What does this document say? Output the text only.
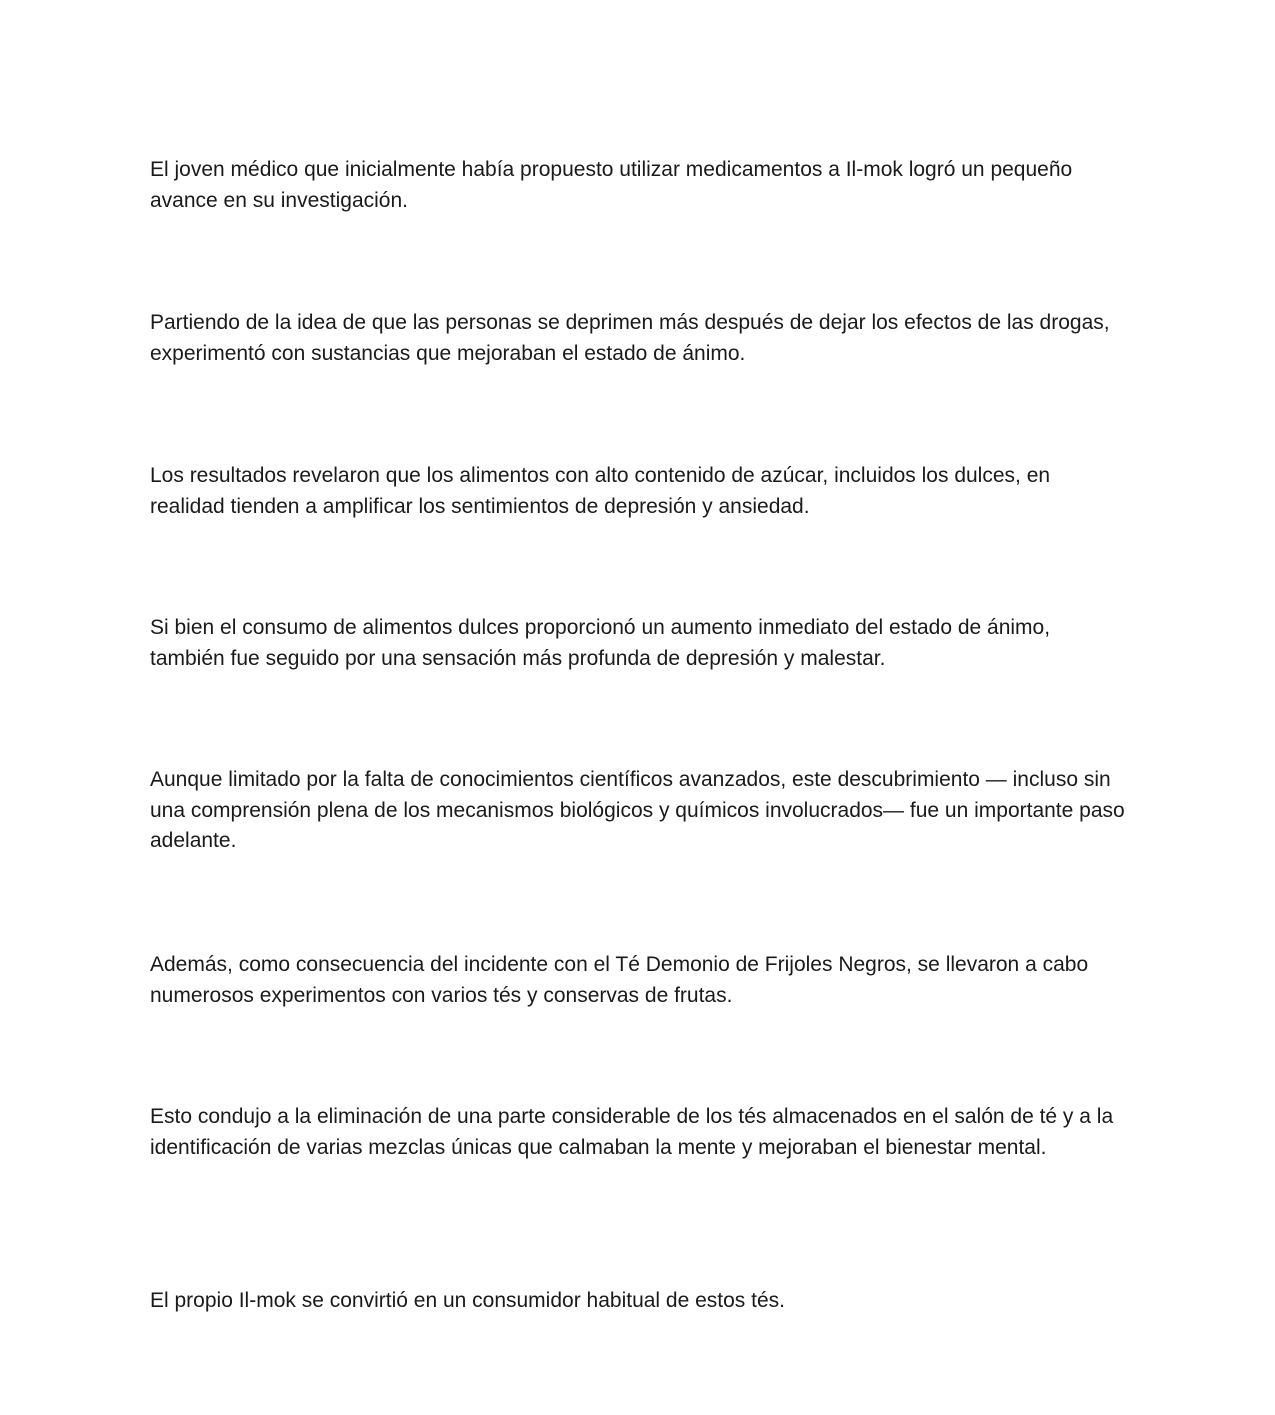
El joven médico que inicialmente había propuesto utilizar medicamentos a Il-mok logró un pequeño avance en su investigación.

Partiendo de la idea de que las personas se deprimen más después de dejar los efectos de las drogas, experimentó con sustancias que mejoraban el estado de ánimo.

Los resultados revelaron que los alimentos con alto contenido de azúcar, incluidos los dulces, en realidad tienden a amplificar los sentimientos de depresión y ansiedad.

Si bien el consumo de alimentos dulces proporcionó un aumento inmediato del estado de ánimo, también fue seguido por una sensación más profunda de depresión y malestar.

Aunque limitado por la falta de conocimientos científicos avanzados, este descubrimiento — incluso sin una comprensión plena de los mecanismos biológicos y químicos involucrados— fue un importante paso adelante.

Además, como consecuencia del incidente con el Té Demonio de Frijoles Negros, se llevaron a cabo numerosos experimentos con varios tés y conservas de frutas.

Esto condujo a la eliminación de una parte considerable de los tés almacenados en el salón de té y a la identificación de varias mezclas únicas que calmaban la mente y mejoraban el bienestar mental.

El propio Il-mok se convirtió en un consumidor habitual de estos tés.
